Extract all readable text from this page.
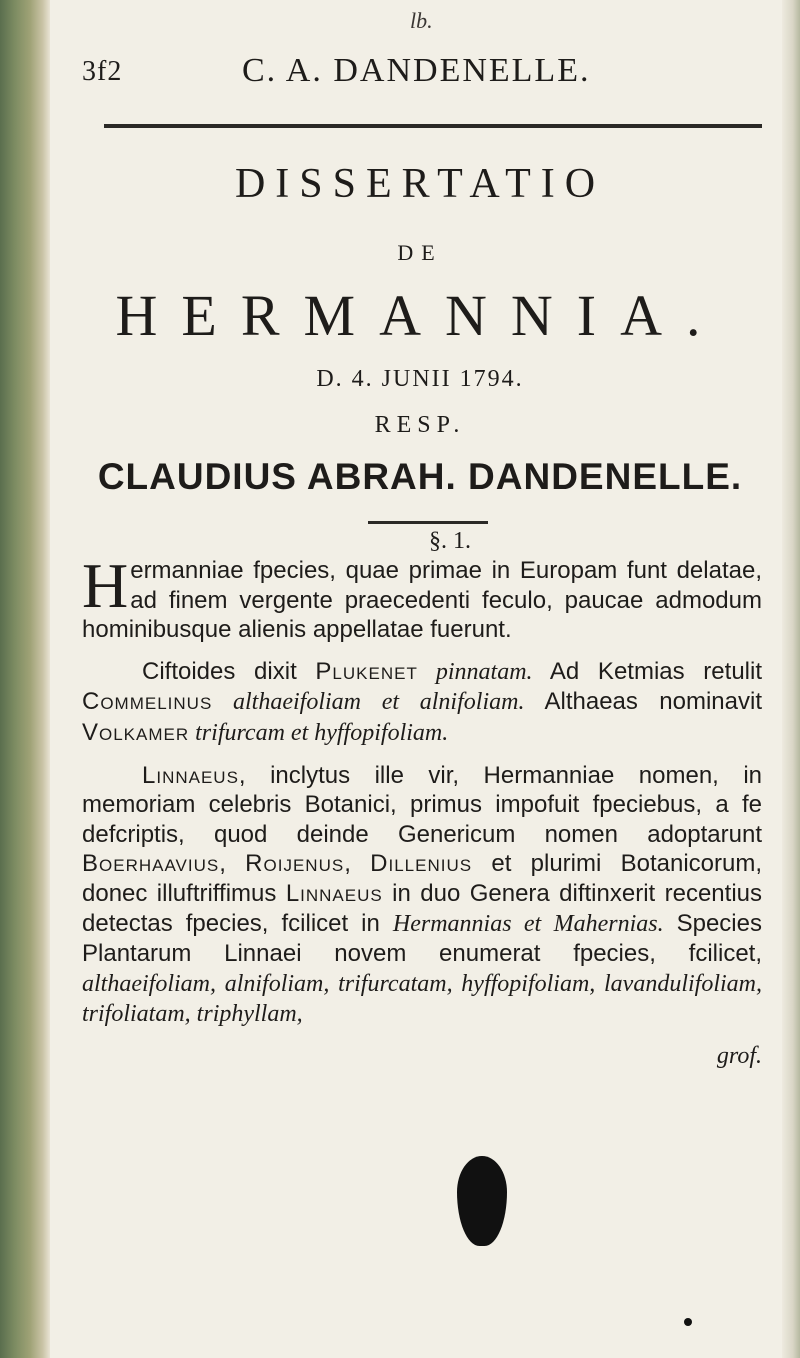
lb.
3f2	C. A. DANDENELLE.
DISSERTATIO
DE
HERMANNIA.
D. 4. JUNII 1794.
RESP.
CLAUDIUS ABRAH. DANDENELLE.
§. 1.

Hermanniae fpecies, quae primae in Europam funt delatae, ad finem vergente praecedenti feculo, paucae admodum hominibusque alienis appellatae fuerunt.

Ciftoides dixit Plukenet pinnatam. Ad Ketmias retulit Commelinus althaeifoliam et alnifoliam. Althaeas nominavit Volkamer trifurcam et hyffopifoliam.

Linnaeus, inclytus ille vir, Hermanniae nomen, in memoriam celebris Botanici, primus impofuit fpeciebus, a fe defcriptis, quod deinde Genericum nomen adoptarunt Boerhaavius, Roijenus, Dillenius et plurimi Botanicorum, donec illuftriffimus Linnaeus in duo Genera diftinxerit recentius detectas fpecies, fcilicet in Hermannias et Mahernias. Species Plantarum Linnaei novem enumerat fpecies, fcilicet, althaeifoliam, alnifoliam, trifurcatam, hyffopifoliam, lavandulifoliam, trifoliatam, triphyllam,

grof.
